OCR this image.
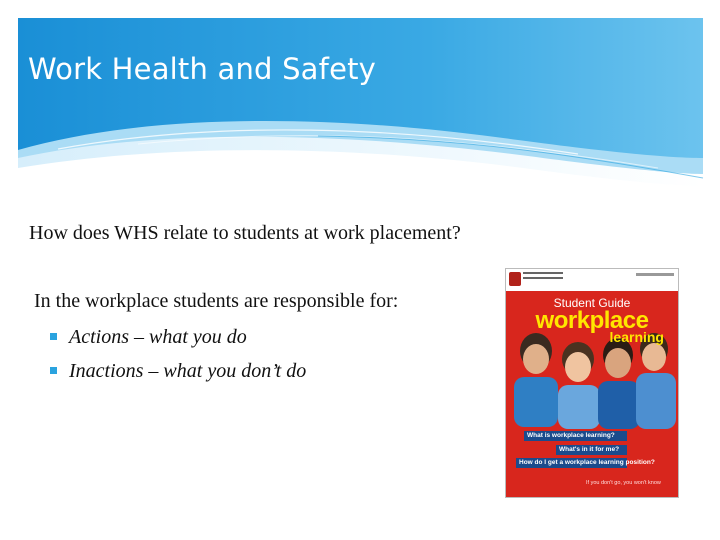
Work Health and Safety
How does WHS relate to students at work placement?
In the workplace students are responsible for:
Actions – what you do
Inactions – what you don’t do
Student Guide
workplace
learning
What is workplace learning?
What's in it for me?
How do I get a workplace learning position?
If you don't go, you won't know
